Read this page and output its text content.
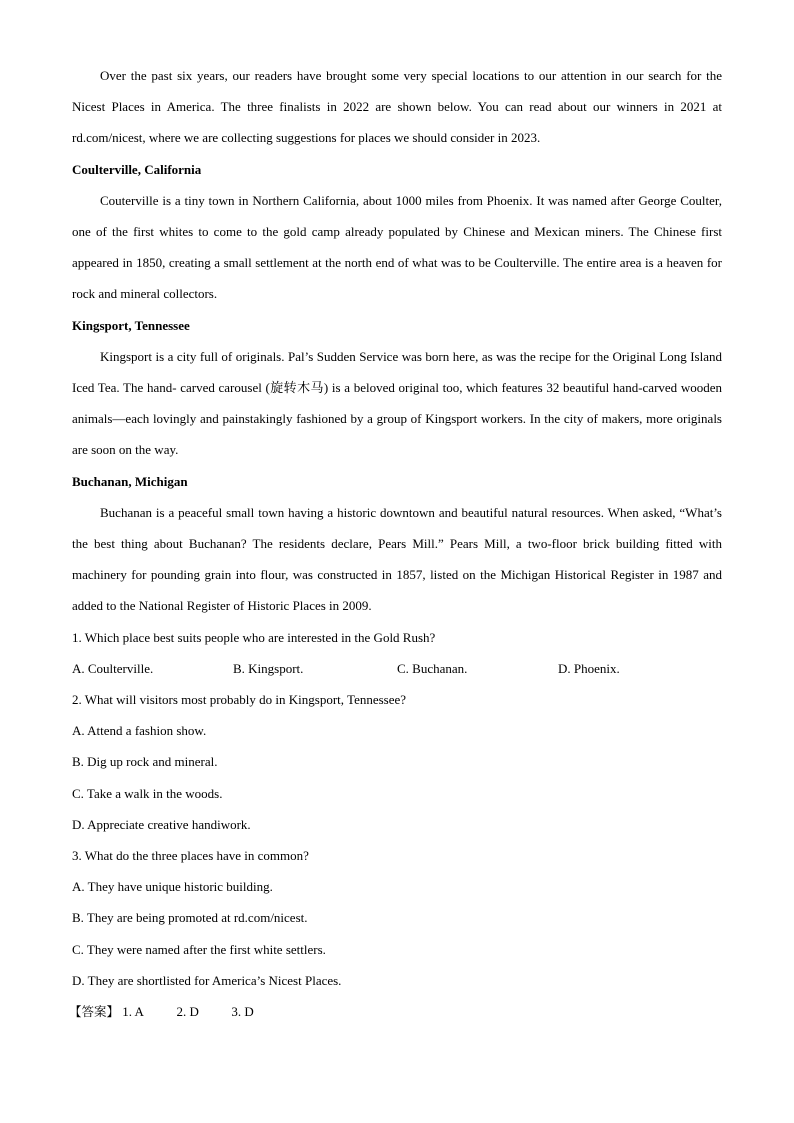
Over the past six years, our readers have brought some very special locations to our attention in our search for the Nicest Places in America. The three finalists in 2022 are shown below. You can read about our winners in 2021 at rd.com/nicest, where we are collecting suggestions for places we should consider in 2023.

Coulterville, California

Couterville is a tiny town in Northern California, about 1000 miles from Phoenix. It was named after George Coulter, one of the first whites to come to the gold camp already populated by Chinese and Mexican miners. The Chinese first appeared in 1850, creating a small settlement at the north end of what was to be Coulterville. The entire area is a heaven for rock and mineral collectors.

Kingsport, Tennessee

Kingsport is a city full of originals. Pal’s Sudden Service was born here, as was the recipe for the Original Long Island Iced Tea. The hand- carved carousel (旋转木马) is a beloved original too, which features 32 beautiful hand-carved wooden animals—each lovingly and painstakingly fashioned by a group of Kingsport workers. In the city of makers, more originals are soon on the way.

Buchanan, Michigan

Buchanan is a peaceful small town having a historic downtown and beautiful natural resources. When asked, “What’s the best thing about Buchanan? The residents declare, Pears Mill.” Pears Mill, a two-floor brick building fitted with machinery for pounding grain into flour, was constructed in 1857, listed on the Michigan Historical Register in 1987 and added to the National Register of Historic Places in 2009.

1. Which place best suits people who are interested in the Gold Rush?
A. Coulterville.	B. Kingsport.	C. Buchanan.	D. Phoenix.
2. What will visitors most probably do in Kingsport, Tennessee?
A. Attend a fashion show.
B. Dig up rock and mineral.
C. Take a walk in the woods.
D. Appreciate creative handiwork.
3. What do the three places have in common?
A. They have unique historic building.
B. They are being promoted at rd.com/nicest.
C. They were named after the first white settlers.
D. They are shortlisted for America’s Nicest Places.
【答案】 1. A	2. D	3. D
